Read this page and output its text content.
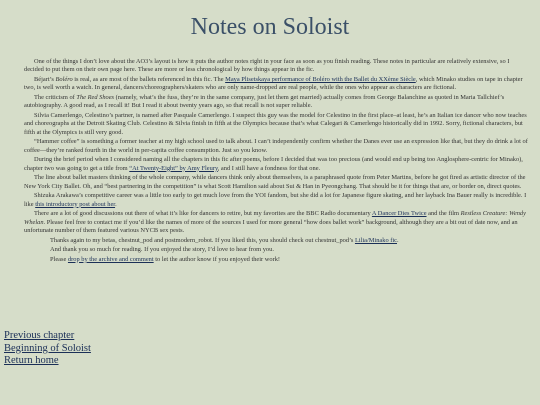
Notes on Soloist

One of the things I don’t love about the AO3’s layout is how it puts the author notes right in your face as soon as you finish reading. These notes in particular are relatively extensive, so I decided to put them on their own page here. These are more or less chronological by how things appear in the fic.

Béjart’s Boléro is real, as are most of the ballets referenced in this fic. The Maya Plisetskaya performance of Boléro with the Ballet du XXème Siècle, which Minako studies on tape in chapter two, is well worth a watch. In general, dancers/choreographers/skaters who are only name-dropped are real people, while the ones who appear as characters are fictional.

The criticism of The Red Shoes (namely, what’s the fuss, they’re in the same company, just let them get married) actually comes from George Balanchine as quoted in Maria Tallchief’s autobiography. A good read, as I recall it! But I read it about twenty years ago, so that recall is not super reliable.

Silvia Camerlengo, Celestino’s partner, is named after Pasquale Camerlengo. I suspect this guy was the model for Celestino in the first place–at least, he’s an Italian ice dancer who now teaches and choreographs at the Detroit Skating Club. Celestino & Silvia finish in fifth at the Olympics because that’s what Calegari & Camerlengo historically did in 1992. Sorry, fictional characters, but fifth at the Olympics is still very good.

“Hammer coffee” is something a former teacher at my high school used to talk about. I can’t independently confirm whether the Danes ever use an expression like that, but they do drink a lot of coffee—they’re ranked fourth in the world in per-capita coffee consumption. Just so you know.

During the brief period when I considered naming all the chapters in this fic after poems, before I decided that was too precious (and would end up being too Anglosphere-centric for Minako), chapter two was going to get a title from “At Twenty-Eight” by Amy Fleury, and I still have a fondness for that one.

The line about ballet masters thinking of the whole company, while dancers think only about themselves, is a paraphrased quote from Peter Martins, before he got fired as artistic director of the New York City Ballet. Oh, and “best partnering in the competition” is what Scott Hamilton said about Sui & Han in Pyeongchang. That should be it for things that are, or border on, direct quotes.

Shizuka Arakawa’s competitive career was a little too early to get much love from the YOI fandom, but she did a lot for Japanese figure skating, and her layback Ina Bauer really is incredible. I like this introductory post about her.

There are a lot of good discussions out there of what it’s like for dancers to retire, but my favorites are the BBC Radio documentary A Dancer Dies Twice and the film Restless Creature: Wendy Whelan. Please feel free to contact me if you’d like the names of more of the sources I used for more general “how does ballet work” background, although they are a bit out of date now, and an unfortunate number of them featured various NYCB sex pests.

Thanks again to my betas, chestnut_pod and postmodern_robot. If you liked this, you should check out chestnut_pod’s Lilia/Minako fic.

And thank you so much for reading. If you enjoyed the story, I’d love to hear from you.

Please drop by the archive and comment to let the author know if you enjoyed their work!

Previous chapter
Beginning of Soloist
Return home
